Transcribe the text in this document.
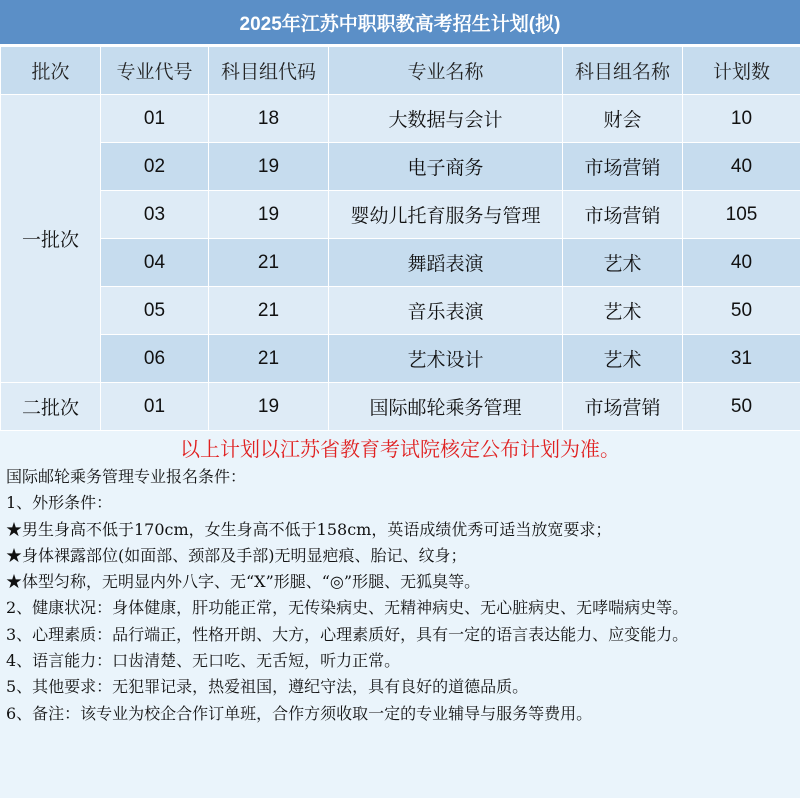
2025年江苏中职职教高考招生计划(拟)
批次	专业代号	科目组代码	专业名称	科目组名称	计划数
一批次	01	18	大数据与会计	财会	10
	02	19	电子商务	市场营销	40
	03	19	婴幼儿托育服务与管理	市场营销	105
	04	21	舞蹈表演	艺术	40
	05	21	音乐表演	艺术	50
	06	21	艺术设计	艺术	31
二批次	01	19	国际邮轮乘务管理	市场营销	50
以上计划以江苏省教育考试院核定公布计划为准。
国际邮轮乘务管理专业报名条件：
1、外形条件：
★男生身高不低于170cm，女生身高不低于158cm，英语成绩优秀可适当放宽要求；
★身体裸露部位(如面部、颈部及手部)无明显疤痕、胎记、纹身；
★体型匀称，无明显内外八字、无“X”形腿、“◎”形腿、无狐臭等。
2、健康状况：身体健康，肝功能正常，无传染病史、无精神病史、无心脏病史、无哮喘病史等。
3、心理素质：品行端正，性格开朗、大方，心理素质好，具有一定的语言表达能力、应变能力。
4、语言能力：口齿清楚、无口吃、无舌短，听力正常。
5、其他要求：无犯罪记录，热爱祖国，遵纪守法，具有良好的道德品质。
6、备注：该专业为校企合作订单班，合作方须收取一定的专业辅导与服务等费用。
